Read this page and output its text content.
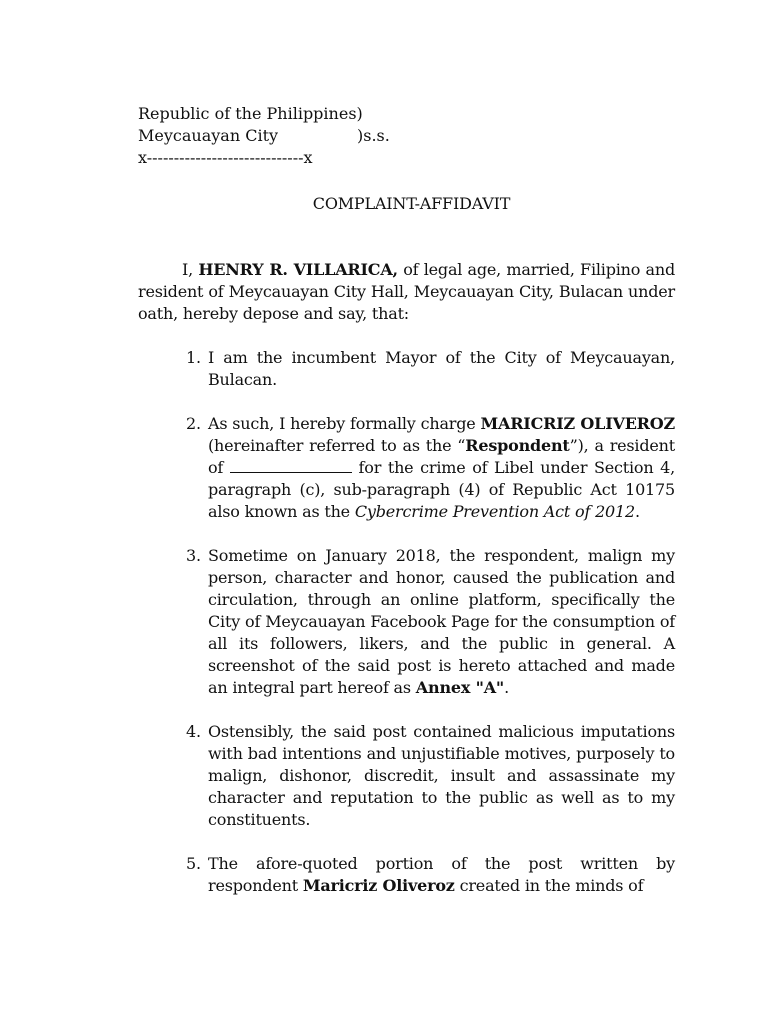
Republic of the Philippines)
Meycauayan City	)s.s.
x-----------------------------x
COMPLAINT-AFFIDAVIT

I, HENRY R. VILLARICA, of legal age, married, Filipino and resident of Meycauayan City Hall, Meycauayan City, Bulacan under oath, hereby depose and say, that:

1. I am the incumbent Mayor of the City of Meycauayan, Bulacan.
2. As such, I hereby formally charge MARICRIZ OLIVEROZ (hereinafter referred to as the “Respondent”), a resident of	for the crime of Libel under Section 4, paragraph (c), sub-paragraph (4) of Republic Act 10175 also known as the Cybercrime Prevention Act of 2012.
3. Sometime on January 2018, the respondent, malign my person, character and honor, caused the publication and circulation, through an online platform, specifically the City of Meycauayan Facebook Page for the consumption of all its followers, likers, and the public in general. A screenshot of the said post is hereto attached and made an integral part hereof as Annex "A".
4. Ostensibly, the said post contained malicious imputations with bad intentions and unjustifiable motives, purposely to malign, dishonor, discredit, insult and assassinate my character and reputation to the public as well as to my constituents.
5. The afore-quoted portion of the post written by respondent Maricriz Oliveroz created in the minds of
